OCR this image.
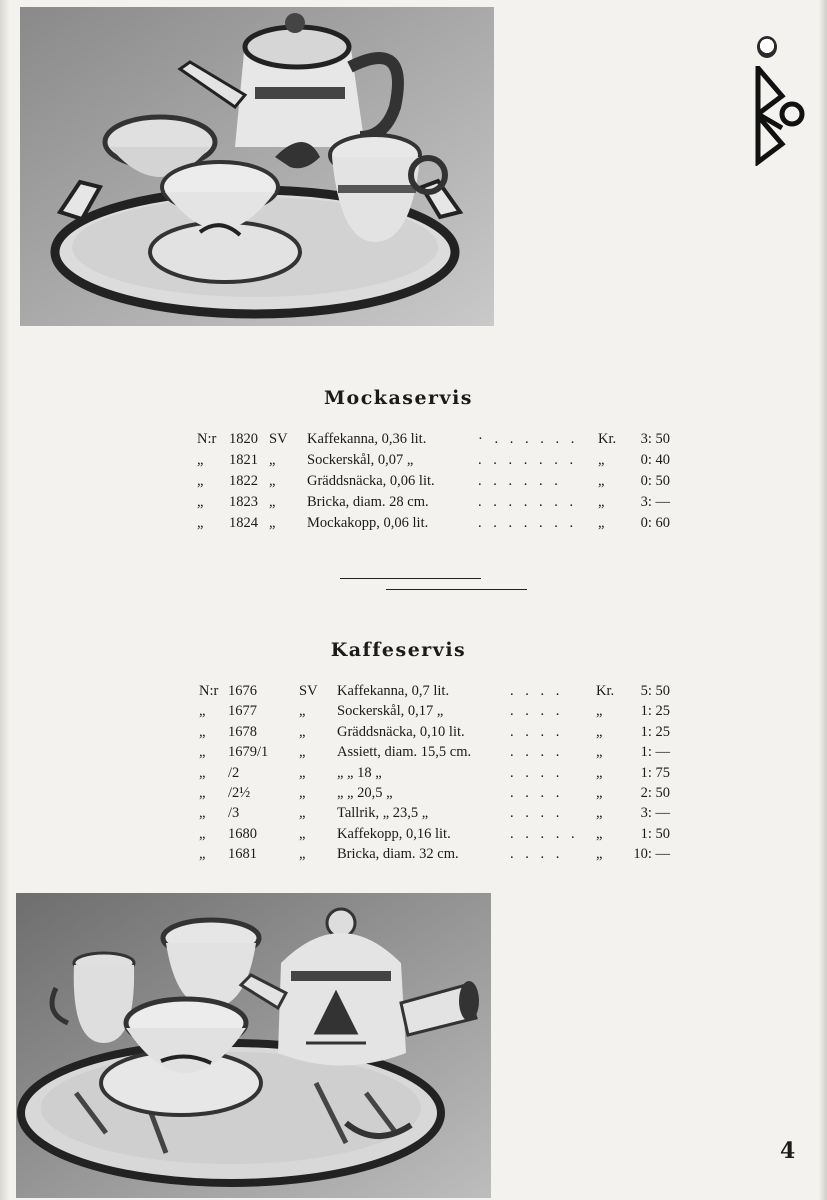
Mockaservis
N:r 1820 SV Kaffekanna, 0,36 lit.	· . . . . . . Kr.	3: 50
„ 1821 „ Sockerskål, 0,07 „	. . . . . . . „	0: 40
„ 1822 „ Gräddsnäcka, 0,06 lit.	. . . . . . „	0: 50
„ 1823 „ Bricka, diam. 28 cm.	. . . . . . . „	3: —
„ 1824 „ Mockakopp, 0,06 lit.	. . . . . . . „	0: 60
Kaffeservis
N:r 1676	SV Kaffekanna, 0,7 lit.	. . . . Kr.	5: 50
„ 1677	„ Sockerskål, 0,17 „	. . . . „	1: 25
„ 1678	„ Gräddsnäcka, 0,10 lit.	. . . . „	1: 25
„ 1679/1 „ Assiett, diam. 15,5 cm.	. . . . „	1: —
„ /2	„ „ „ 18 „	. . . . „	1: 75
„ /2½	„ „ „ 20,5 „	. . . . „	2: 50
„ /3	„ Tallrik, „ 23,5 „	. . . . „	3: —
„ 1680	„ Kaffekopp, 0,16 lit.	. . . . . „	1: 50
„ 1681	„ Bricka, diam. 32 cm.	. . . . „	10: —
4
